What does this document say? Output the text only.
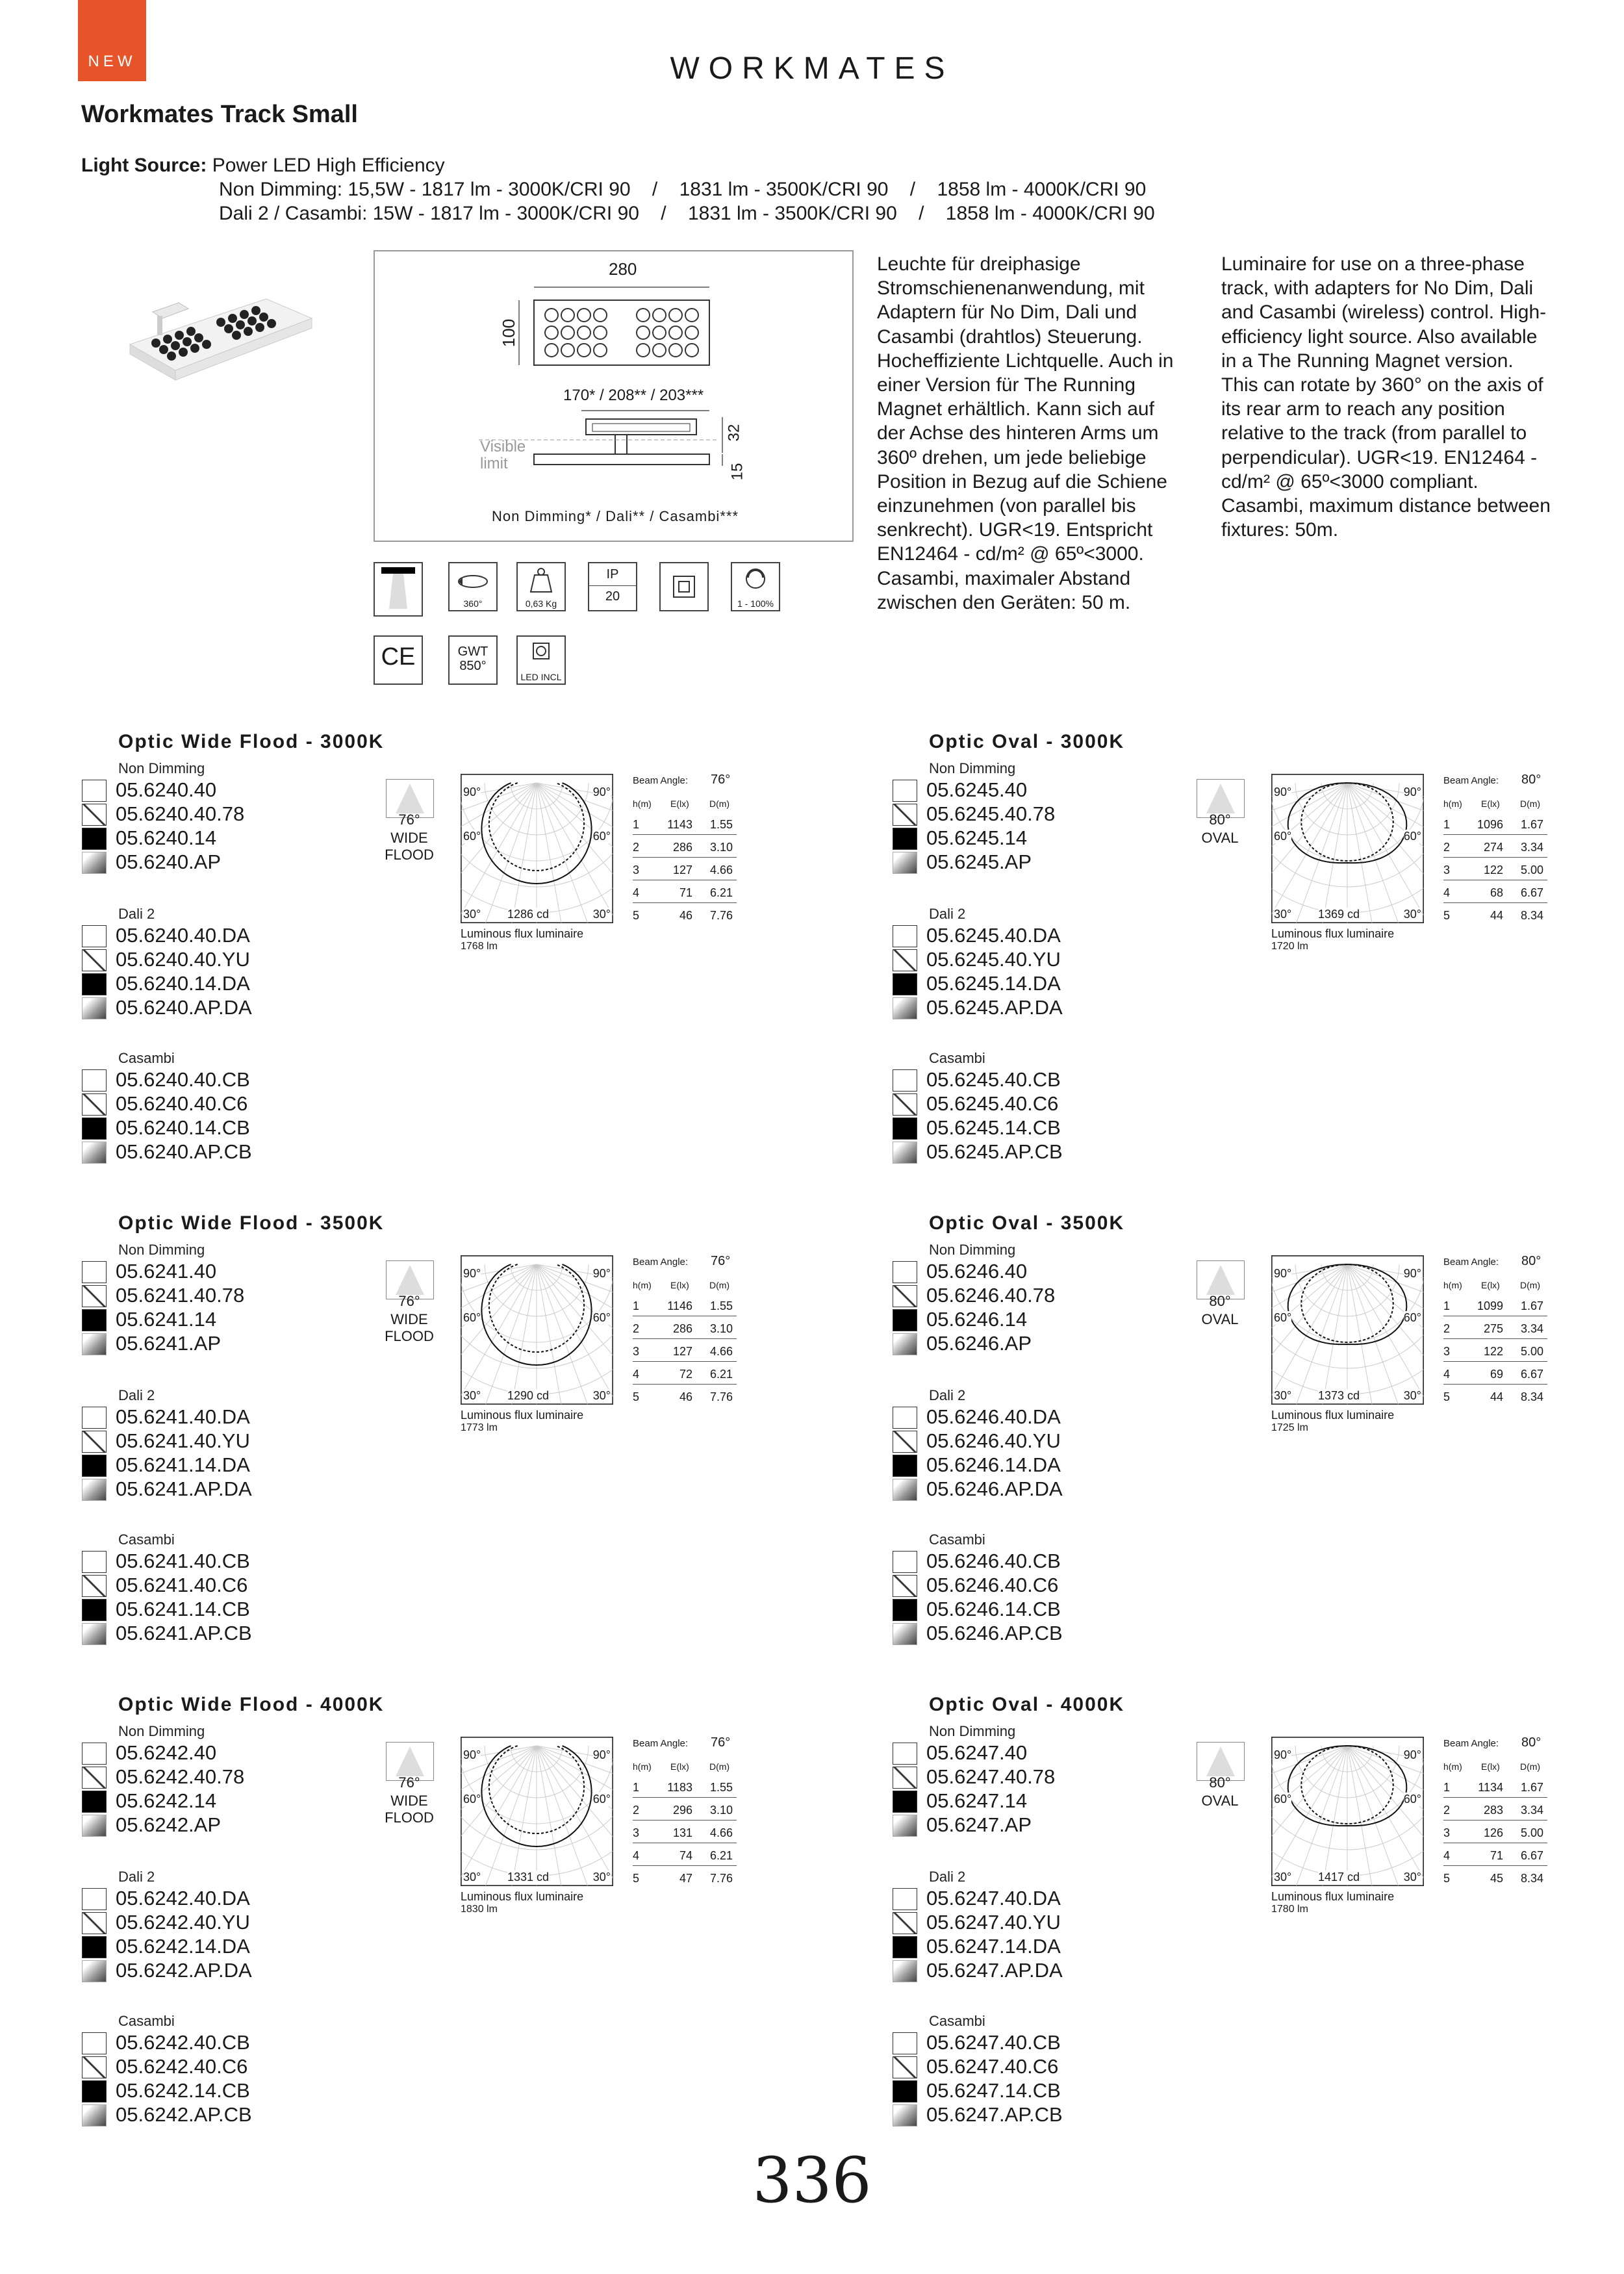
NEW	WORKMATES
Workmates Track Small
Light Source: Power LED High Efficiency
Non Dimming: 15,5W - 1817 lm - 3000K/CRI 90    /    1831 lm - 3500K/CRI 90    /    1858 lm - 4000K/CRI 90
Dali 2 / Casambi: 15W - 1817 lm - 3000K/CRI 90    /    1831 lm - 3500K/CRI 90    /    1858 lm - 4000K/CRI 90
280
100
170* / 208** / 203***
32
15
Visible limit
Non Dimming* / Dali** / Casambi***
360°	0,63 Kg
IP
20	1 - 100%
CE	GWT 850°
LED INCL
Leuchte für dreiphasige Stromschienenanwendung, mit Adaptern für No Dim, Dali und Casambi (drahtlos) Steuerung. Hocheffiziente Lichtquelle. Auch in einer Version für The Running Magnet erhältlich. Kann sich auf der Achse des hinteren Arms um 360º drehen, um jede beliebige Position in Bezug auf die Schiene einzunehmen (von parallel bis senkrecht). UGR<19. Entspricht EN12464 - cd/m² @ 65º<3000. Casambi, maximaler Abstand zwischen den Geräten: 50 m.
Luminaire for use on a three-phase track, with adapters for No Dim, Dali and Casambi (wireless) control. High-efficiency light source. Also available in a The Running Magnet version. This can rotate by 360° on the axis of its rear arm to reach any position relative to the track (from parallel to perpendicular). UGR<19. EN12464 - cd/m² @ 65º<3000 compliant. Casambi, maximum distance between fixtures: 50m.
Optic Wide Flood - 3000K
Non Dimming
05.6240.40
05.6240.40.78
05.6240.14
05.6240.AP
Dali 2
05.6240.40.DA
05.6240.40.YU
05.6240.14.DA
05.6240.AP.DA
Casambi
05.6240.40.CB
05.6240.40.C6
05.6240.14.CB
05.6240.AP.CB
76°
WIDE FLOOD
90°	90°
60°	60°
30°	30°
1286 cd
Luminous flux luminaire
1768 lm
Beam Angle: 76°
h(m) E(lx) D(m)
1	1143	1.55
2	286	3.10
3	127	4.66
4	71	6.21
5	46	7.76
Optic Oval - 3000K
Non Dimming
05.6245.40
05.6245.40.78
05.6245.14
05.6245.AP
Dali 2
05.6245.40.DA
05.6245.40.YU
05.6245.14.DA
05.6245.AP.DA
Casambi
05.6245.40.CB
05.6245.40.C6
05.6245.14.CB
05.6245.AP.CB
80°
OVAL
90°	90°
60°	60°
30°	30°
1369 cd
Luminous flux luminaire
1720 lm
Beam Angle: 80°
h(m) E(lx) D(m)
1	1096	1.67
2	274	3.34
3	122	5.00
4	68	6.67
5	44	8.34
Optic Wide Flood - 3500K
Non Dimming
05.6241.40
05.6241.40.78
05.6241.14
05.6241.AP
Dali 2
05.6241.40.DA
05.6241.40.YU
05.6241.14.DA
05.6241.AP.DA
Casambi
05.6241.40.CB
05.6241.40.C6
05.6241.14.CB
05.6241.AP.CB
76°
WIDE FLOOD
90°	90°
60°	60°
30°	30°
1290 cd
Luminous flux luminaire
1773 lm
Beam Angle: 76°
h(m) E(lx) D(m)
1	1146	1.55
2	286	3.10
3	127	4.66
4	72	6.21
5	46	7.76
Optic Oval - 3500K
Non Dimming
05.6246.40
05.6246.40.78
05.6246.14
05.6246.AP
Dali 2
05.6246.40.DA
05.6246.40.YU
05.6246.14.DA
05.6246.AP.DA
Casambi
05.6246.40.CB
05.6246.40.C6
05.6246.14.CB
05.6246.AP.CB
80°
OVAL
90°	90°
60°	60°
30°	30°
1373 cd
Luminous flux luminaire
1725 lm
Beam Angle: 80°
h(m) E(lx) D(m)
1	1099	1.67
2	275	3.34
3	122	5.00
4	69	6.67
5	44	8.34
Optic Wide Flood - 4000K
Non Dimming
05.6242.40
05.6242.40.78
05.6242.14
05.6242.AP
Dali 2
05.6242.40.DA
05.6242.40.YU
05.6242.14.DA
05.6242.AP.DA
Casambi
05.6242.40.CB
05.6242.40.C6
05.6242.14.CB
05.6242.AP.CB
76°
WIDE FLOOD
90°	90°
60°	60°
30°	30°
1331 cd
Luminous flux luminaire
1830 lm
Beam Angle: 76°
h(m) E(lx) D(m)
1	1183	1.55
2	296	3.10
3	131	4.66
4	74	6.21
5	47	7.76
Optic Oval - 4000K
Non Dimming
05.6247.40
05.6247.40.78
05.6247.14
05.6247.AP
Dali 2
05.6247.40.DA
05.6247.40.YU
05.6247.14.DA
05.6247.AP.DA
Casambi
05.6247.40.CB
05.6247.40.C6
05.6247.14.CB
05.6247.AP.CB
80°
OVAL
90°	90°
60°	60°
30°	30°
1417 cd
Luminous flux luminaire
1780 lm
Beam Angle: 80°
h(m) E(lx) D(m)
1	1134	1.67
2	283	3.34
3	126	5.00
4	71	6.67
5	45	8.34
336
